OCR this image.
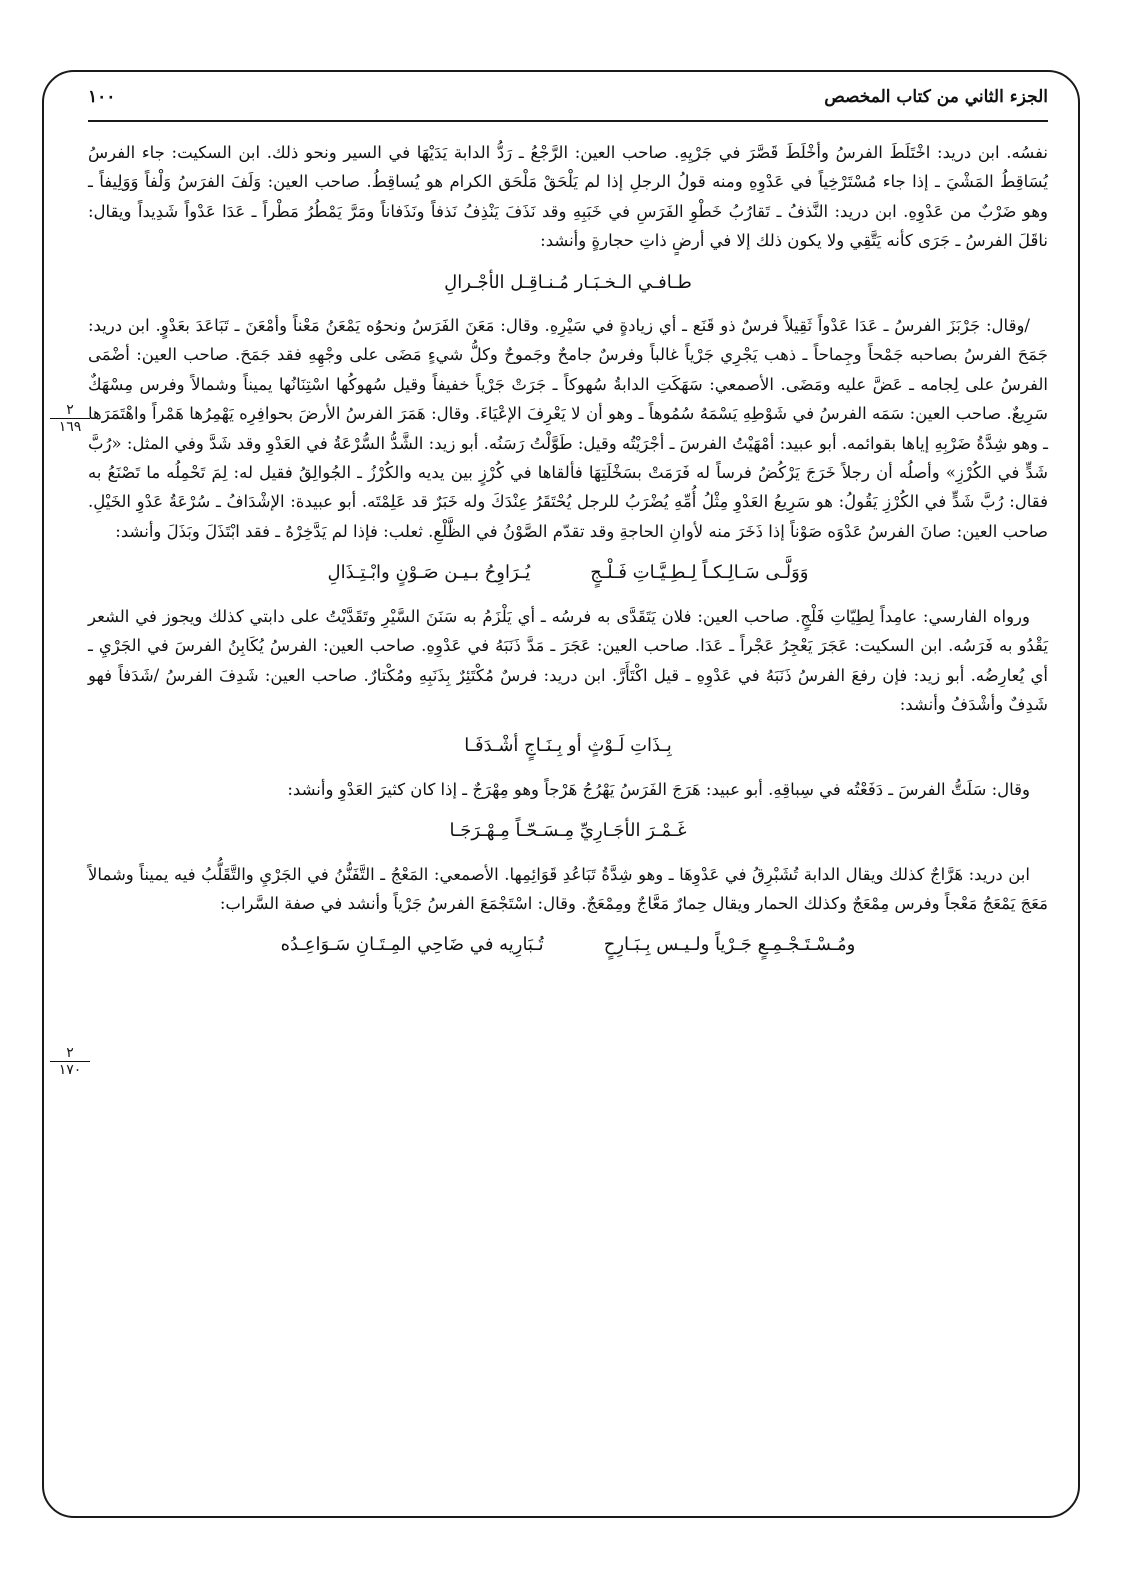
الجزء الثاني من كتاب المخصص
١٠٠

نفسُه. ابن دريد: اخْتَلَطَ الفرسُ وأخْلَطَ قَصَّرَ في جَرْيِهِ. صاحب العين: الرَّجْعُ ـ رَدُّ الدابة يَدَيْهَا في السير ونحو ذلك. ابن السكيت: جاء الفرسُ يُسَاقِطُ المَشْيَ ـ إذا جاء مُسْتَرْخِياً في عَدْوِهِ ومنه قولُ الرجلِ إذا لم يَلْحَقْ مَلْحَق الكرام هو يُساقِطُ. صاحب العين: وَلَفَ الفرَسُ وَلْفاً وَوَلِيفاً ـ وهو ضَرْبٌ من عَدْوِهِ. ابن دريد: النَّذفُ ـ تَقارُبُ خَطْوِ الفَرَسِ في خَبَبِهِ وقد نَذَفَ يَنْذِفُ نَذفاً ونَذَفاناً ومَرَّ يَمْطُرُ مَطْراً ـ عَدَا عَدْواً شَدِيداً ويقال: ناقَلَ الفرسُ ـ جَرَى كأنه يَتَّقِي ولا يكون ذلك إلا في أرضٍ ذاتِ حجارةٍ وأنشد:

طـافـي الـخـبَـار مُـنـاقِـل الأجْـرالِ

/وقال: جَرْبَزَ الفرسُ ـ عَدَا عَدْواً ثَقِيلاً فرسٌ ذو قَنَع ـ أي زيادةٍ في سَيْرِهِ. وقال: مَعَنَ الفَرَسُ ونحوُه يَمْعَنُ مَعْناً وأمْعَنَ ـ تَبَاعَدَ بعَدْوٍ. ابن دريد: جَمَحَ الفرسُ بصاحبه جَمْحاً وجِماحاً ـ ذهب يَجْرِي جَرْياً غالباً وفرسٌ جامحٌ وجَموحٌ وكلُّ شيءٍ مَضَى على وجْهِهِ فقد جَمَحَ. صاحب العين: أضْمَى الفرسُ على لِجامه ـ عَضَّ عليه ومَضَى. الأصمعي: سَهَكَتِ الدابةُ سُهوكاً ـ جَرَتْ جَرْياً خفيفاً وقيل سُهوكُها اسْتِنَانُها يميناً وشمالاً وفرس مِسْهَكٌ سَرِيعٌ. صاحب العين: سَمَه الفرسُ في شَوْطِهِ يَسْمَهُ سُمُوهاً ـ وهو أن لا يَعْرِفَ الإعْيَاءَ. وقال: هَمَرَ الفرسُ الأرضَ بحوافِرِه يَهْمِرُها هَمْراً واهْتَمَرَها ـ وهو شِدَّةُ ضَرْبِهِ إياها بقوائمه. أبو عبيد: أمْهَيْتُ الفرسَ ـ أجْرَيْتُه وقيل: طَوَّلْتُ رَسَنُه. أبو زيد: الشَّدُّ السُّرْعَةُ في العَدْوِ وقد شَدَّ وفي المثل: «رُبَّ شَدٍّ في الكُرْزِ» وأصلُه أن رجلاً خَرَجَ يَرْكُضُ فرساً له فَرَمَتْ بسَخْلَتِهَا فألقاها في كُرْزٍ بين يديه والكُرْزُ ـ الجُوالِقُ فقيل له: لِمَ تَحْمِلُه ما تَصْنَعُ به فقال: رُبَّ شَدٍّ في الكُرْزِ يَقُولُ: هو سَرِيعُ العَدْوِ مِثْلُ أُمِّهِ يُضْرَبُ للرجل يُحْتَقَرُ عِنْدَكَ وله خَبَرٌ قد عَلِمْتَه. أبو عبيدة: الإشْدَافُ ـ سُرْعَةُ عَدْوِ الخَيْلِ. صاحب العين: صانَ الفرسُ عَدْوَه صَوْناً إذا ذَخَرَ منه لأوانِ الحاجةِ وقد تقدّم الصَّوْنُ في الظَّلْعِ. ثعلب: فإذا لم يَدَّخِرْهُ ـ فقد ابْتَذَلَ وبَذَلَ وأنشد:

وَوَلَّـى سَـالِـكـاً لِـطِـيَّـاتِ فَـلْـجٍ
يُـرَاوِحُ بـيـن صَـوْنٍ وابْـتِـذَالِ

ورواه الفارسي: عامِداً لِطِيّاتِ فَلْجٍ. صاحب العين: فلان يَتَقَدَّى به فرسُه ـ أي يَلْزَمُ به سَنَنَ السَّيْرِ وتَقَدَّيْتُ على دابتي كذلك ويجوز في الشعر يَقْدُو به فَرَسُه. ابن السكيت: عَجَرَ يَعْجِرُ عَجْراً ـ عَدَا. صاحب العين: عَجَرَ ـ مَدَّ ذَنَبَهُ في عَدْوِهِ. صاحب العين: الفرسُ يُكَابِنُ الفرسَ في الجَرْيِ ـ أي يُعارِضُه. أبو زيد: فإن رفعَ الفرسُ ذَنَبَهُ في عَدْوِهِ ـ قيل اكْتَأَرَّ. ابن دريد: فرسٌ مُكْتَئِرٌ بِذَنَبِهِ ومُكْتارٌ. صاحب العين: شَدِفَ الفرسُ /شَدَفاً فهو شَدِفٌ وأشْدَفُ وأنشد:

بِـذَاتِ لَـوْثٍ أو بِـنَـاجٍ أشْـدَفَـا

وقال: سَلَتُّ الفرسَ ـ دَفَعْتُه في سِباقِهِ. أبو عبيد: هَرَجَ الفَرَسُ يَهْرُجُ هَرْجاً وهو مِهْرَجٌ ـ إذا كان كثيرَ العَدْوِ وأنشد:

غَـمْـرَ الأجَـارِيِّ مِـسَـحّـاً مِـهْـرَجَـا

ابن دريد: هَرَّاجٌ كذلك ويقال الدابة تُشَبْرِقُ في عَدْوِهَا ـ وهو شِدَّةُ تَبَاعُدِ قَوَائِمِها. الأصمعي: المَعْجُ ـ التَّفَنُّنُ في الجَرْيِ والتَّقَلُّبُ فيه يميناً وشمالاً مَعَجَ يَمْعَجُ مَعْجاً وفرس مِمْعَجٌ وكذلك الحمار ويقال حِمارٌ مَعَّاجٌ ومِمْعَجٌ. وقال: اسْتَجْمَعَ الفرسُ جَرْياً وأنشد في صفة السَّراب:

ومُـسْـتَـجْـمِـعٍ جَـرْياً ولـيـس بِـبَـارِحٍ
تُـبَارِيه في ضَاحِي المِـتَـانِ سَـوَاعِـدُه
٢
١٦٩
٢
١٧٠
